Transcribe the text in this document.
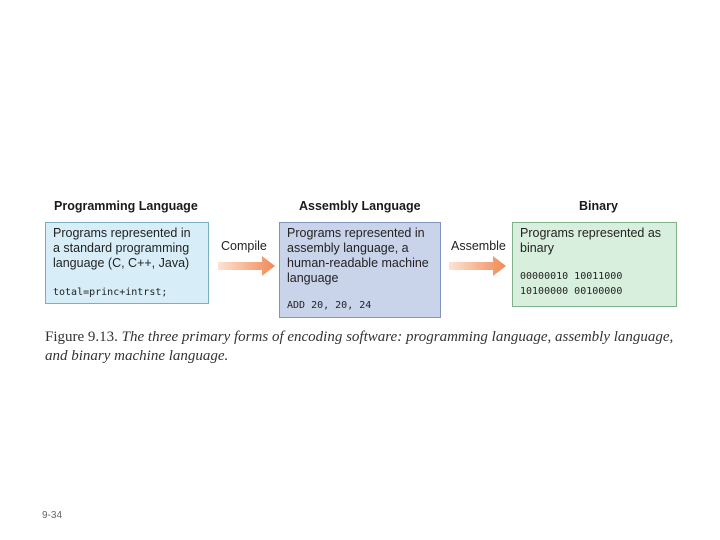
Programming Language	Assembly Language	Binary
Programs represented in
a standard programming
language (C, C++, Java)
total=princ+intrst;
Compile
Programs represented in
assembly language, a
human-readable machine
language
ADD 20, 20, 24
Assemble
Programs represented as
binary
00000010 10011000
10100000 00100000
Figure 9.13. The three primary forms of encoding software: programming language, assembly language, and binary machine language.
9-34
